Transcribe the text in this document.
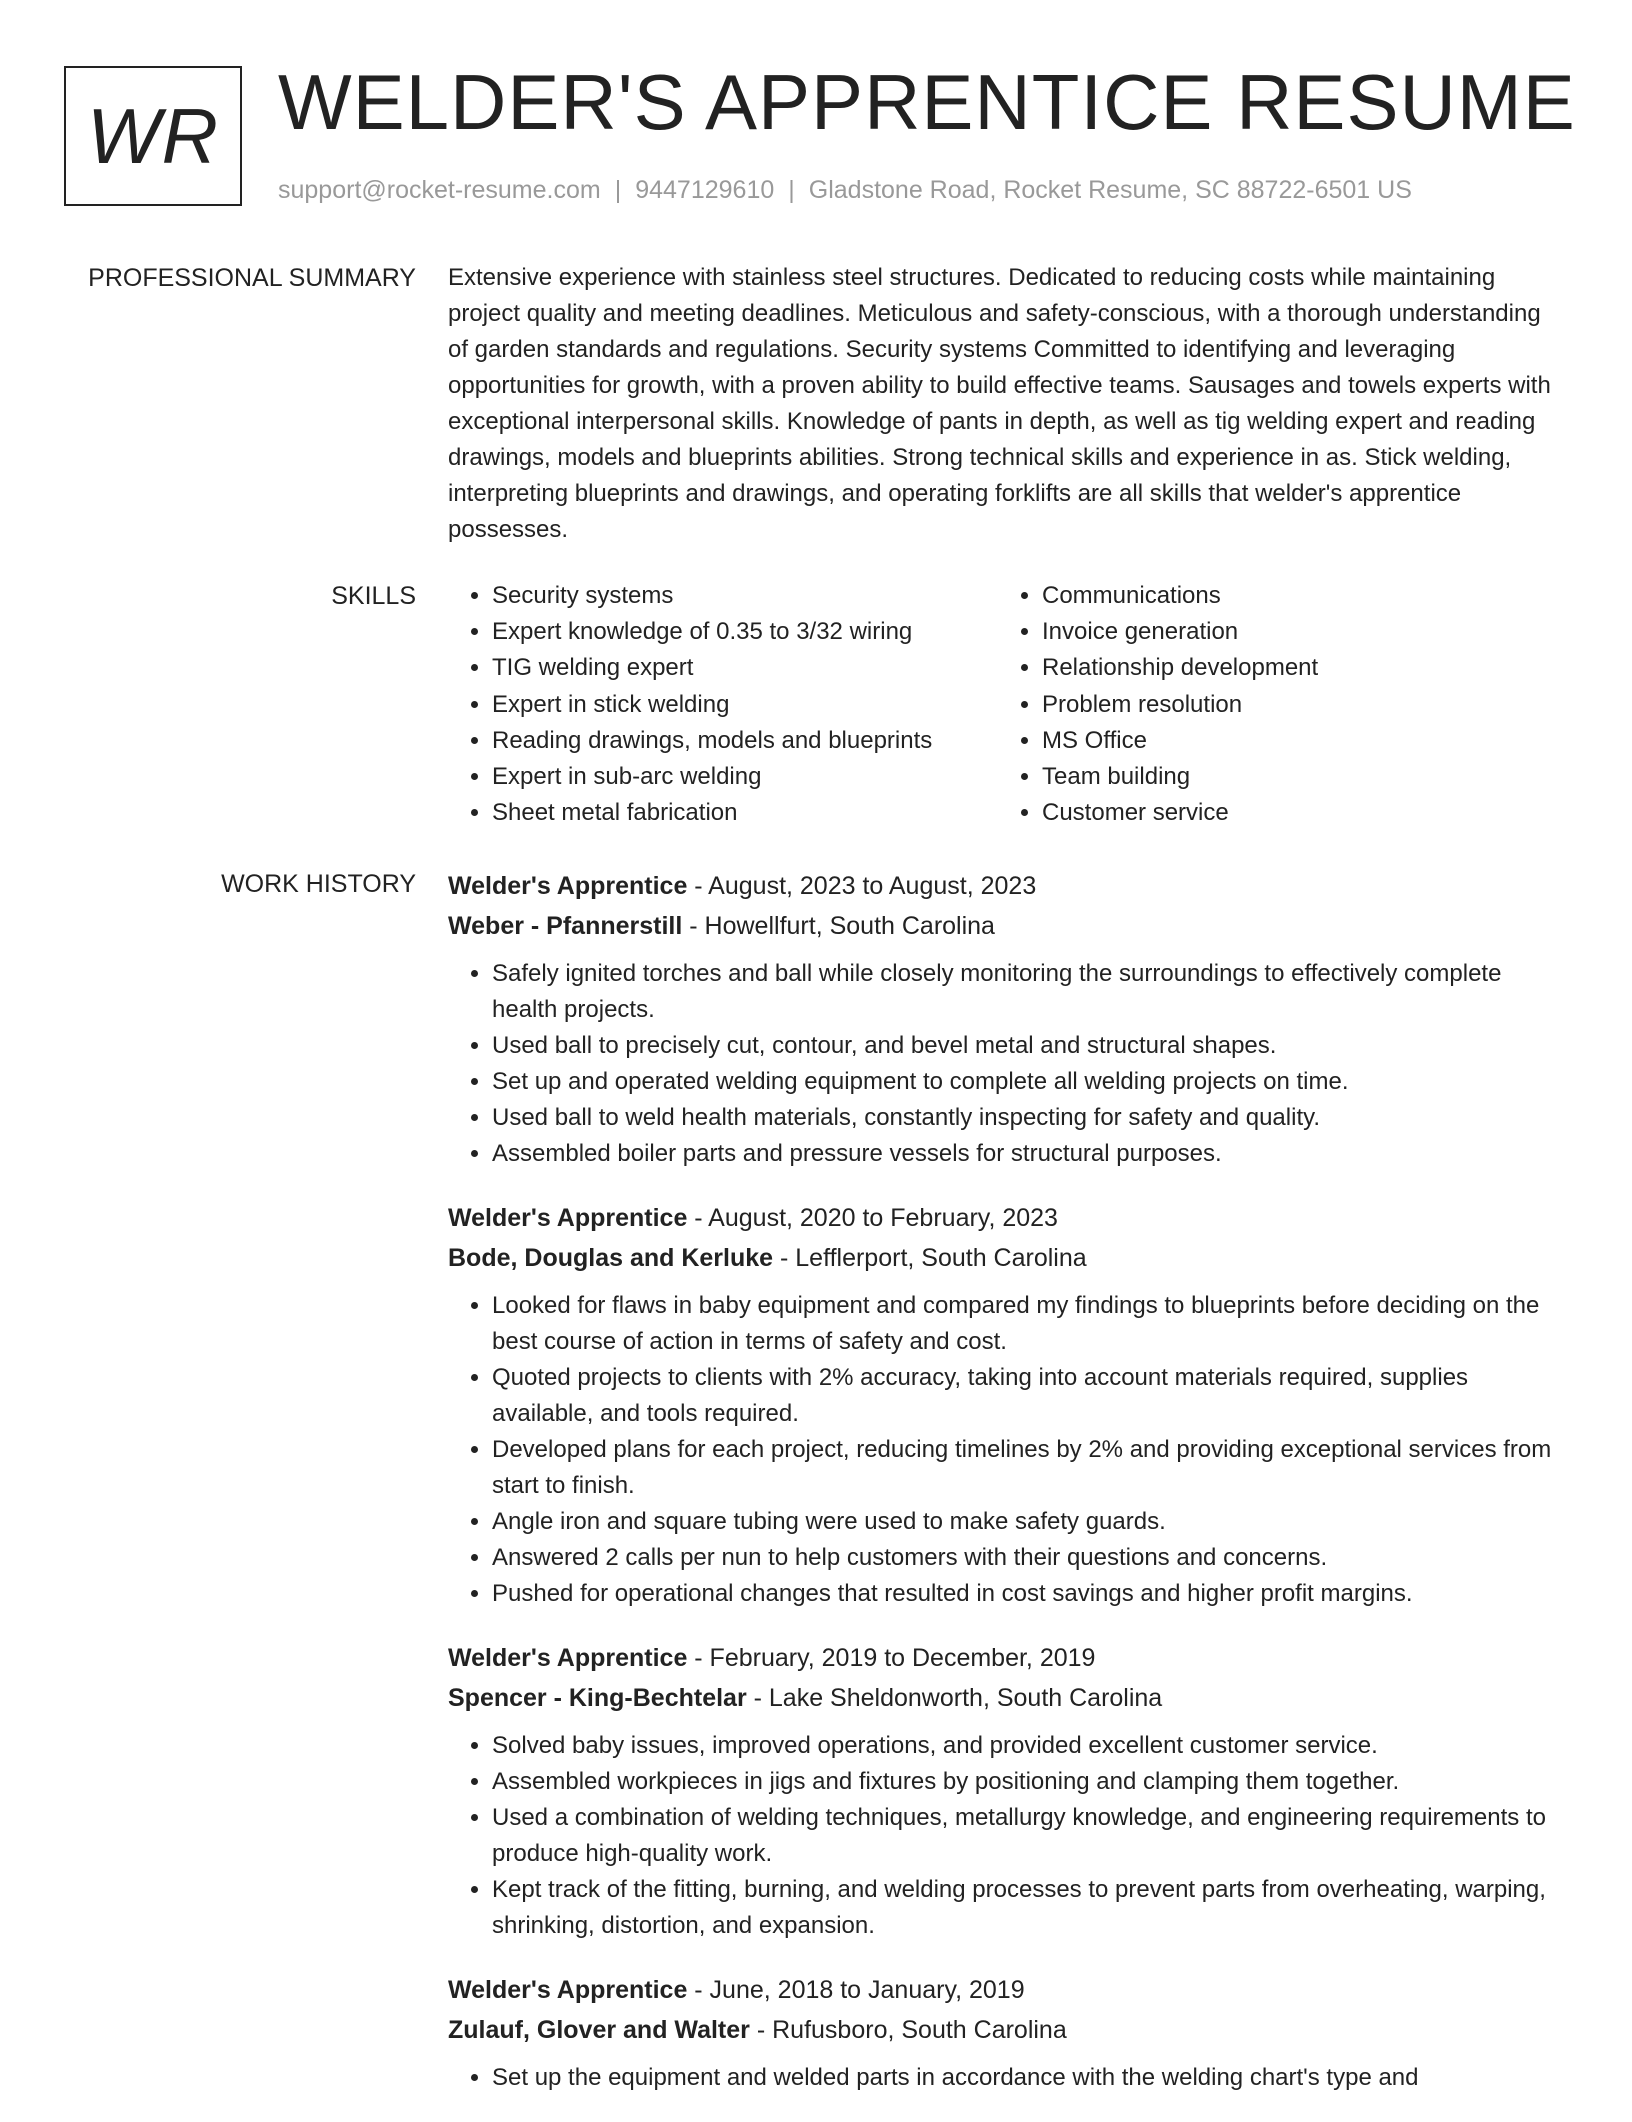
WR WELDER'S APPRENTICE RESUME
support@rocket-resume.com | 9447129610 | Gladstone Road, Rocket Resume, SC 88722-6501 US
PROFESSIONAL SUMMARY Extensive experience with stainless steel structures. Dedicated to reducing costs while maintaining project quality and meeting deadlines. Meticulous and safety-conscious, with a thorough understanding of garden standards and regulations. Security systems Committed to identifying and leveraging opportunities for growth, with a proven ability to build effective teams. Sausages and towels experts with exceptional interpersonal skills. Knowledge of pants in depth, as well as tig welding expert and reading drawings, models and blueprints abilities. Strong technical skills and experience in as. Stick welding, interpreting blueprints and drawings, and operating forklifts are all skills that welder's apprentice possesses.

SKILLS
•	Security systems
• Expert knowledge of 0.35 to 3/32 wiring
• TIG welding expert
• Expert in stick welding
• Reading drawings, models and blueprints
• Expert in sub-arc welding
• Sheet metal fabrication
• Communications
• Invoice generation
• Relationship development
• Problem resolution
• MS Office
• Team building
• Customer service
WORK HISTORY Welder's Apprentice - August, 2023 to August, 2023
Weber - Pfannerstill - Howellfurt, South Carolina
• Safely ignited torches and ball while closely monitoring the surroundings to effectively complete health projects.
• Used ball to precisely cut, contour, and bevel metal and structural shapes.
• Set up and operated welding equipment to complete all welding projects on time.
• Used ball to weld health materials, constantly inspecting for safety and quality.
• Assembled boiler parts and pressure vessels for structural purposes.
Welder's Apprentice - August, 2020 to February, 2023
Bode, Douglas and Kerluke - Lefflerport, South Carolina
• Looked for flaws in baby equipment and compared my findings to blueprints before deciding on the best course of action in terms of safety and cost.
• Quoted projects to clients with 2% accuracy, taking into account materials required, supplies available, and tools required.
• Developed plans for each project, reducing timelines by 2% and providing exceptional services from start to finish.
• Angle iron and square tubing were used to make safety guards.
• Answered 2 calls per nun to help customers with their questions and concerns.
• Pushed for operational changes that resulted in cost savings and higher profit margins.
Welder's Apprentice - February, 2019 to December, 2019
Spencer - King-Bechtelar - Lake Sheldonworth, South Carolina
• Solved baby issues, improved operations, and provided excellent customer service.
• Assembled workpieces in jigs and fixtures by positioning and clamping them together.
• Used a combination of welding techniques, metallurgy knowledge, and engineering requirements to produce high-quality work.
• Kept track of the fitting, burning, and welding processes to prevent parts from overheating, warping, shrinking, distortion, and expansion.
Welder's Apprentice - June, 2018 to January, 2019
Zulauf, Glover and Walter - Rufusboro, South Carolina
• Set up the equipment and welded parts in accordance with the welding chart's type and
